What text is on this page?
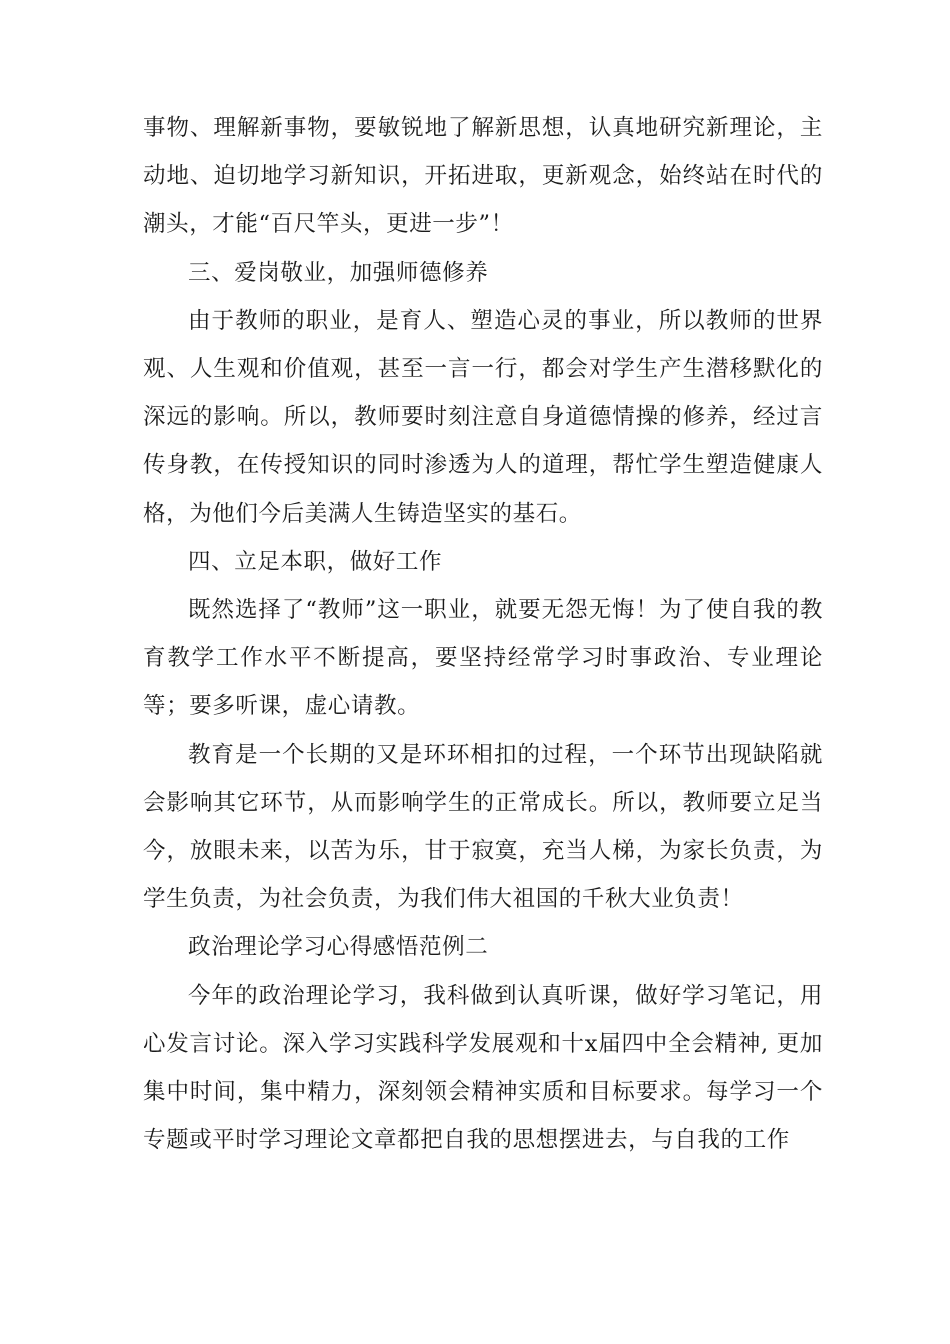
事物、理解新事物，要敏锐地了解新思想，认真地研究新理论，主动地、迫切地学习新知识，开拓进取，更新观念，始终站在时代的潮头，才能“百尺竿头，更进一步”！

三、爱岗敬业，加强师德修养

由于教师的职业，是育人、塑造心灵的事业，所以教师的世界观、人生观和价值观，甚至一言一行，都会对学生产生潜移默化的深远的影响。所以，教师要时刻注意自身道德情操的修养，经过言传身教，在传授知识的同时渗透为人的道理，帮忙学生塑造健康人格，为他们今后美满人生铸造坚实的基石。

四、立足本职，做好工作

既然选择了“教师”这一职业，就要无怨无悔！为了使自我的教育教学工作水平不断提高，要坚持经常学习时事政治、专业理论等；要多听课，虚心请教。

教育是一个长期的又是环环相扣的过程，一个环节出现缺陷就会影响其它环节，从而影响学生的正常成长。所以，教师要立足当今，放眼未来，以苦为乐，甘于寂寞，充当人梯，为家长负责，为学生负责，为社会负责，为我们伟大祖国的千秋大业负责！

政治理论学习心得感悟范例二

今年的政治理论学习，我科做到认真听课，做好学习笔记，用心发言讨论。深入学习实践科学发展观和十x届四中全会精神, 更加集中时间，集中精力，深刻领会精神实质和目标要求。每学习一个专题或平时学习理论文章都把自我的思想摆进去，与自我的工作
